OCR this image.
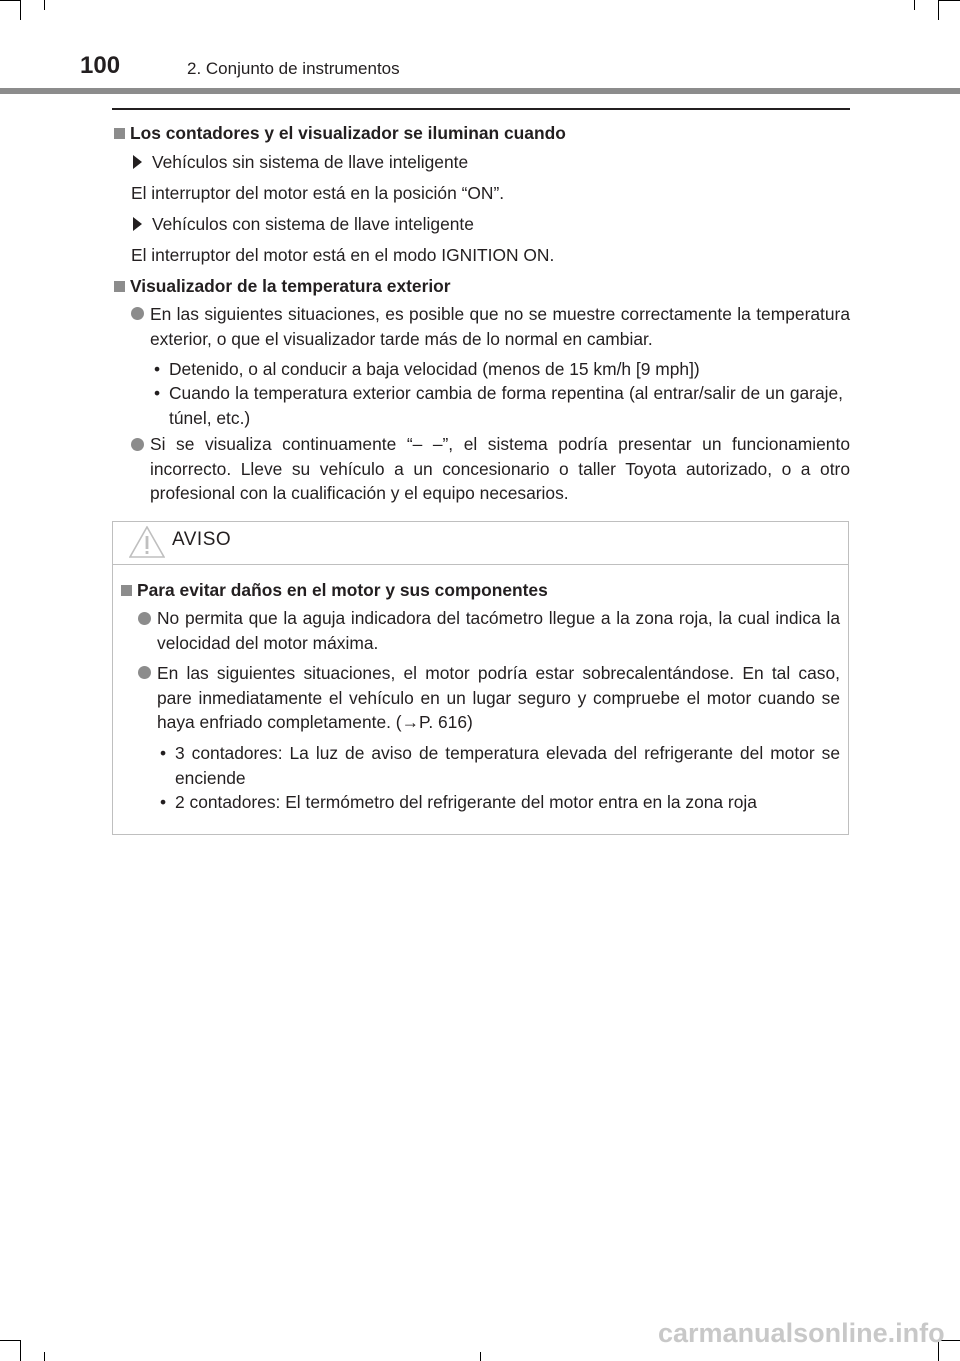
100	2. Conjunto de instrumentos
Los contadores y el visualizador se iluminan cuando
Vehículos sin sistema de llave inteligente
El interruptor del motor está en la posición “ON”.
Vehículos con sistema de llave inteligente
El interruptor del motor está en el modo IGNITION ON.
Visualizador de la temperatura exterior
En las siguientes situaciones, es posible que no se muestre correctamente la temperatura exterior, o que el visualizador tarde más de lo normal en cambiar.
• Detenido, o al conducir a baja velocidad (menos de 15 km/h [9 mph])
• Cuando la temperatura exterior cambia de forma repentina (al entrar/salir de un garaje, túnel, etc.)
Si se visualiza continuamente “– –”, el sistema podría presentar un funcionamiento incorrecto. Lleve su vehículo a un concesionario o taller Toyota autorizado, o a otro profesional con la cualificación y el equipo necesarios.
AVISO
Para evitar daños en el motor y sus componentes
No permita que la aguja indicadora del tacómetro llegue a la zona roja, la cual indica la velocidad del motor máxima.
En las siguientes situaciones, el motor podría estar sobrecalentándose. En tal caso, pare inmediatamente el vehículo en un lugar seguro y compruebe el motor cuando se haya enfriado completamente. (→P. 616)
• 3 contadores: La luz de aviso de temperatura elevada del refrigerante del motor se enciende
• 2 contadores: El termómetro del refrigerante del motor entra en la zona roja
carmanualsonline.info
